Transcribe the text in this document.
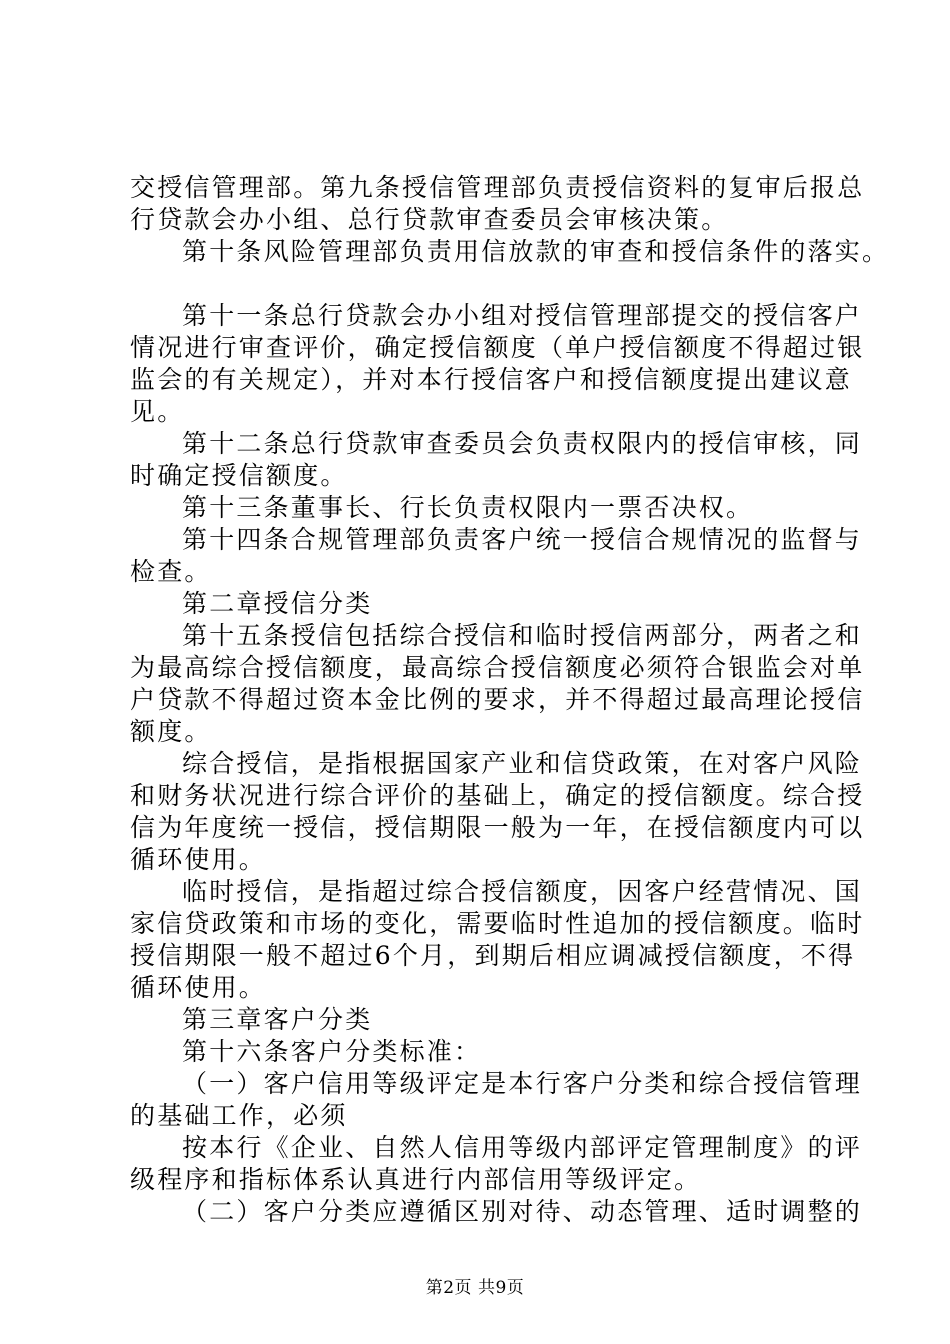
交授信管理部。第九条授信管理部负责授信资料的复审后报总
行贷款会办小组、总行贷款审查委员会审核决策。
第十条风险管理部负责用信放款的审查和授信条件的落实。
第十一条总行贷款会办小组对授信管理部提交的授信客户
情况进行审查评价，确定授信额度（单户授信额度不得超过银
监会的有关规定），并对本行授信客户和授信额度提出建议意
见。
第十二条总行贷款审查委员会负责权限内的授信审核，同
时确定授信额度。
第十三条董事长、行长负责权限内一票否决权。
第十四条合规管理部负责客户统一授信合规情况的监督与
检查。
第二章授信分类
第十五条授信包括综合授信和临时授信两部分，两者之和
为最高综合授信额度，最高综合授信额度必须符合银监会对单
户贷款不得超过资本金比例的要求，并不得超过最高理论授信
额度。
综合授信，是指根据国家产业和信贷政策，在对客户风险
和财务状况进行综合评价的基础上，确定的授信额度。综合授
信为年度统一授信，授信期限一般为一年，在授信额度内可以
循环使用。
临时授信，是指超过综合授信额度，因客户经营情况、国
家信贷政策和市场的变化，需要临时性追加的授信额度。临时
授信期限一般不超过6个月，到期后相应调减授信额度，不得
循环使用。
第三章客户分类
第十六条客户分类标准：
（一）客户信用等级评定是本行客户分类和综合授信管理
的基础工作，必须
按本行《企业、自然人信用等级内部评定管理制度》的评
级程序和指标体系认真进行内部信用等级评定。
（二）客户分类应遵循区别对待、动态管理、适时调整的
第2页 共9页
